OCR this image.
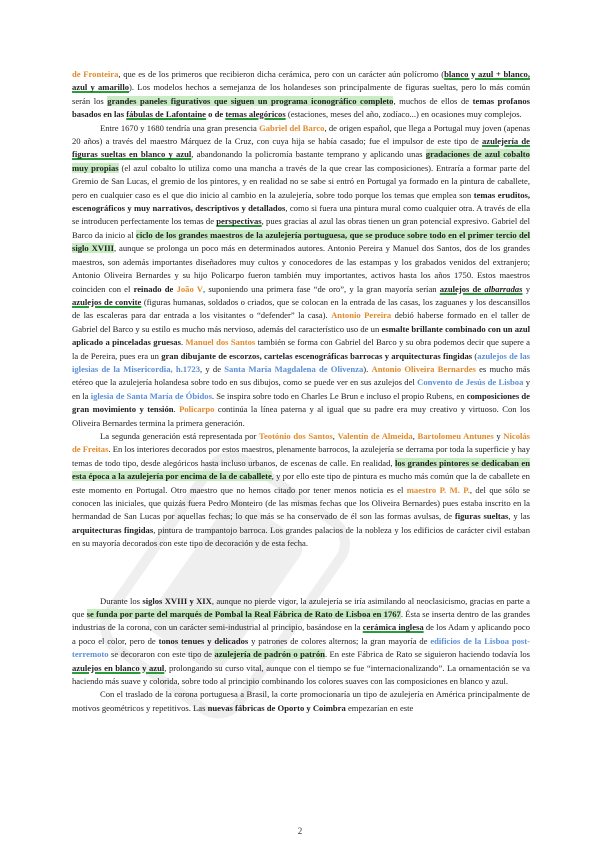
de Fronteira, que es de los primeros que recibieron dicha cerámica, pero con un carácter aún polícromo (blanco y azul + blanco, azul y amarillo). Los modelos hechos a semejanza de los holandeses son principalmente de figuras sueltas, pero lo más común serán los grandes paneles figurativos que siguen un programa iconográfico completo, muchos de ellos de temas profanos basados en las fábulas de Lafontaine o de temas alegóricos (estaciones, meses del año, zodíaco...) en ocasiones muy complejos.

Entre 1670 y 1680 tendría una gran presencia Gabriel del Barco, de origen español, que llega a Portugal muy joven (apenas 20 años) a través del maestro Márquez de la Cruz, con cuya hija se había casado; fue el impulsor de este tipo de azulejería de figuras sueltas en blanco y azul, abandonando la policromía bastante temprano y aplicando unas gradaciones de azul cobalto muy propias (el azul cobalto lo utiliza como una mancha a través de la que crear las composiciones). Entraría a formar parte del Gremio de San Lucas, el gremio de los pintores, y en realidad no se sabe si entró en Portugal ya formado en la pintura de caballete, pero en cualquier caso es el que dio inicio al cambio en la azulejería, sobre todo porque los temas que emplea son temas eruditos, escenográficos y muy narrativos, descriptivos y detallados, como si fuera una pintura mural como cualquier otra. A través de ella se introducen perfectamente los temas de perspectivas, pues gracias al azul las obras tienen un gran potencial expresivo. Gabriel del Barco da inicio al ciclo de los grandes maestros de la azulejería portuguesa, que se produce sobre todo en el primer tercio del siglo XVIII, aunque se prolonga un poco más en determinados autores. Antonio Pereira y Manuel dos Santos, dos de los grandes maestros, son además importantes diseñadores muy cultos y conocedores de las estampas y los grabados venidos del extranjero; Antonio Oliveira Bernardes y su hijo Policarpo fueron también muy importantes, activos hasta los años 1750. Estos maestros coinciden con el reinado de João V, suponiendo una primera fase “de oro”, y la gran mayoría serían azulejos de albarradas y azulejos de convite (figuras humanas, soldados o criados, que se colocan en la entrada de las casas, los zaguanes y los descansillos de las escaleras para dar entrada a los visitantes o “defender” la casa). Antonio Pereira debió haberse formado en el taller de Gabriel del Barco y su estilo es mucho más nervioso, además del característico uso de un esmalte brillante combinado con un azul aplicado a pinceladas gruesas. Manuel dos Santos también se forma con Gabriel del Barco y su obra podemos decir que supere a la de Pereira, pues era un gran dibujante de escorzos, cartelas escenográficas barrocas y arquitecturas fingidas (azulejos de las iglesias de la Misericordia, h.1723, y de Santa María Magdalena de Olivenza). Antonio Oliveira Bernardes es mucho más etéreo que la azulejería holandesa sobre todo en sus dibujos, como se puede ver en sus azulejos del Convento de Jesús de Lisboa y en la iglesia de Santa María de Óbidos. Se inspira sobre todo en Charles Le Brun e incluso el propio Rubens, en composiciones de gran movimiento y tensión. Policarpo continúa la línea paterna y al igual que su padre era muy creativo y virtuoso. Con los Oliveira Bernardes termina la primera generación.

La segunda generación está representada por Teotónio dos Santos, Valentín de Almeida, Bartolomeu Antunes y Nicolás de Freitas. En los interiores decorados por estos maestros, plenamente barrocos, la azulejería se derrama por toda la superficie y hay temas de todo tipo, desde alegóricos hasta incluso urbanos, de escenas de calle. En realidad, los grandes pintores se dedicaban en esta época a la azulejería por encima de la de caballete, y por ello este tipo de pintura es mucho más común que la de caballete en este momento en Portugal. Otro maestro que no hemos citado por tener menos noticia es el maestro P. M. P., del que sólo se conocen las iniciales, que quizás fuera Pedro Monteiro (de las mismas fechas que los Oliveira Bernardes) pues estaba inscrito en la hermandad de San Lucas por aquellas fechas; lo que más se ha conservado de él son las formas avulsas, de figuras sueltas, y las arquitecturas fingidas, pintura de trampantojo barroca. Los grandes palacios de la nobleza y los edificios de carácter civil estaban en su mayoría decorados con este tipo de decoración y de esta fecha.

Durante los siglos XVIII y XIX, aunque no pierde vigor, la azulejería se iría asimilando al neoclasicismo, gracias en parte a que se funda por parte del marqués de Pombal la Real Fábrica de Rato de Lisboa en 1767. Ésta se inserta dentro de las grandes industrias de la corona, con un carácter semi-industrial al principio, basándose en la cerámica inglesa de los Adam y aplicando poco a poco el color, pero de tonos tenues y delicados y patrones de colores alternos; la gran mayoría de edificios de la Lisboa post-terremoto se decoraron con este tipo de azulejería de padrón o patrón. En este Fábrica de Rato se siguieron haciendo todavía los azulejos en blanco y azul, prolongando su curso vital, aunque con el tiempo se fue “internacionalizando”. La ornamentación se va haciendo más suave y colorida, sobre todo al principio combinando los colores suaves con las composiciones en blanco y azul.

Con el traslado de la corona portuguesa a Brasil, la corte promocionaría un tipo de azulejería en América principalmente de motivos geométricos y repetitivos. Las nuevas fábricas de Oporto y Coimbra empezarían en este

2
